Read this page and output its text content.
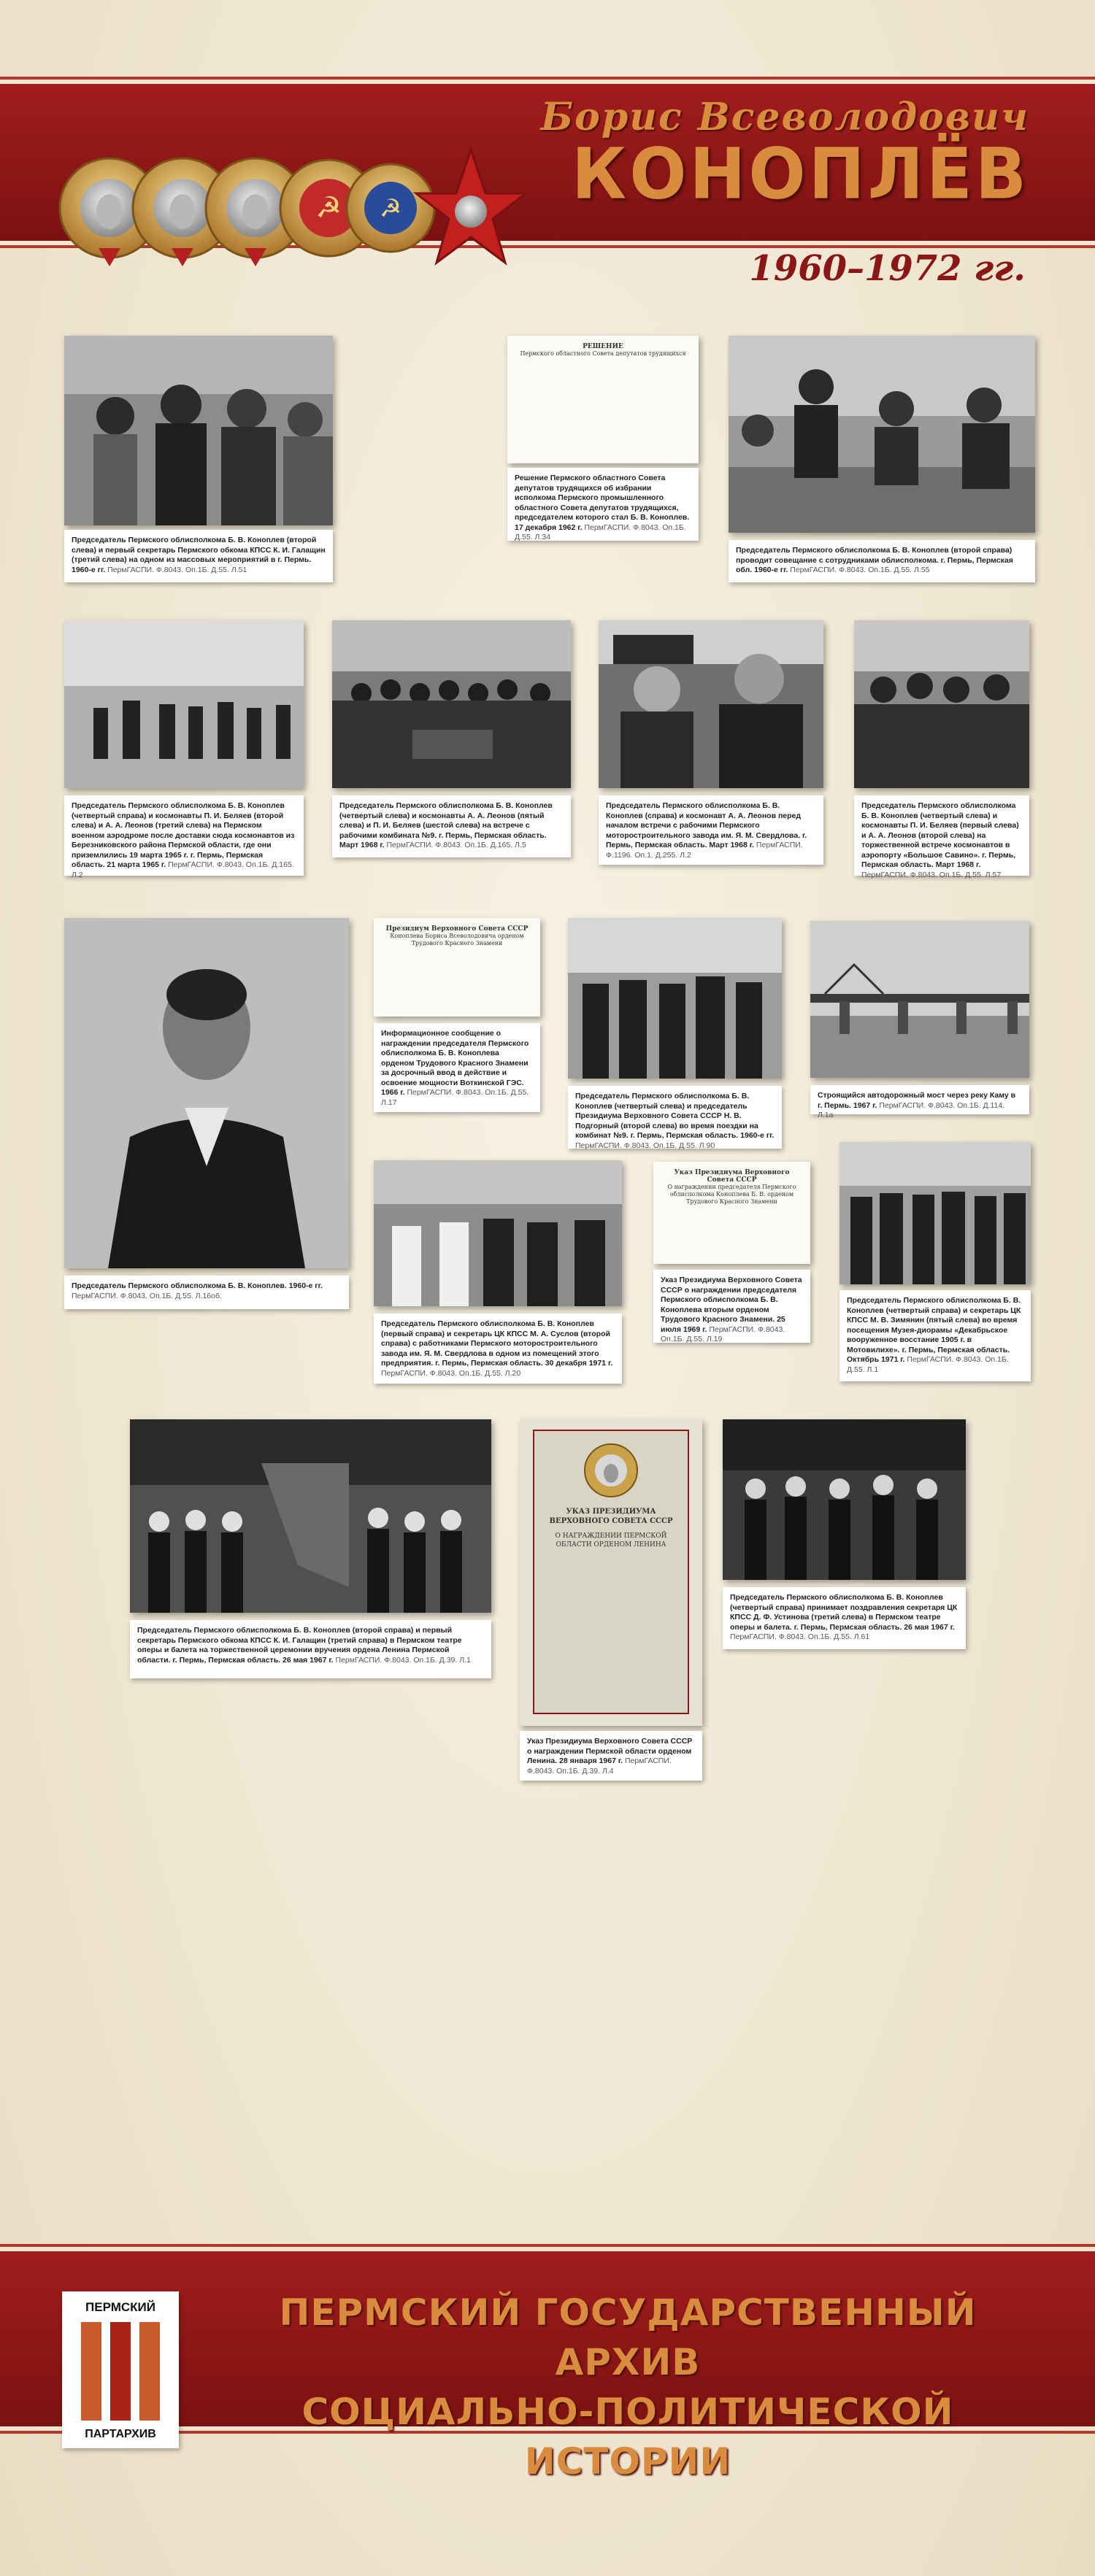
☭ ☭
Борис Всеволодович
КОНОПЛЁВ
1960–1972 гг.
Председатель Пермского облисполкома Б. В. Коноплев (второй слева) и первый секретарь Пермского обкома КПСС К. И. Галащин (третий слева) на одном из массовых мероприятий в г. Пермь. 1960-е гг. ПермГАСПИ. Ф.8043. Оп.1Б. Д.55. Л.51
РЕШЕНИЕ
Пермского областного Совета депутатов трудящихся
Решение Пермского областного Совета депутатов трудящихся об избрании исполкома Пермского промышленного областного Совета депутатов трудящихся, председателем которого стал Б. В. Коноплев. 17 декабря 1962 г. ПермГАСПИ. Ф.8043. Оп.1Б. Д.55. Л.34
Председатель Пермского облисполкома Б. В. Коноплев (второй справа) проводит совещание с сотрудниками облисполкома. г. Пермь, Пермская обл. 1960-е гг. ПермГАСПИ. Ф.8043. Оп.1Б. Д.55. Л.55
Председатель Пермского облисполкома Б. В. Коноплев (четвертый справа) и космонавты П. И. Беляев (второй слева) и А. А. Леонов (третий слева) на Пермском военном аэродроме после доставки сюда космонавтов из Березниковского района Пермской области, где они приземлились 19 марта 1965 г. г. Пермь, Пермская область. 21 марта 1965 г. ПермГАСПИ. Ф.8043. Оп.1Б. Д.165. Л.2
Председатель Пермского облисполкома Б. В. Коноплев (четвертый слева) и космонавты А. А. Леонов (пятый слева) и П. И. Беляев (шестой слева) на встрече с рабочими комбината №9. г. Пермь, Пермская область. Март 1968 г. ПермГАСПИ. Ф.8043. Оп.1Б. Д.165. Л.5
Председатель Пермского облисполкома Б. В. Коноплев (справа) и космонавт А. А. Леонов перед началом встречи с рабочими Пермского моторостроительного завода им. Я. М. Свердлова. г. Пермь, Пермская область. Март 1968 г. ПермГАСПИ. Ф.1196. Оп.1. Д.255. Л.2
Председатель Пермского облисполкома Б. В. Коноплев (четвертый слева) и космонавты П. И. Беляев (первый слева) и А. А. Леонов (второй слева) на торжественной встрече космонавтов в аэропорту «Большое Савино». г. Пермь, Пермская область. Март 1968 г. ПермГАСПИ. Ф.8043. Оп.1Б. Д.55. Л.57
Председатель Пермского облисполкома Б. В. Коноплев. 1960-е гг. ПермГАСПИ. Ф.8043. Оп.1Б. Д.55. Л.16об.
Президиум Верховного Совета СССР
Коноплева Бориса Всеволодовича орденом Трудового Красного Знамени
Информационное сообщение о награждении председателя Пермского облисполкома Б. В. Коноплева орденом Трудового Красного Знамени за досрочный ввод в действие и освоение мощности Воткинской ГЭС. 1966 г. ПермГАСПИ. Ф.8043. Оп.1Б. Д.55. Л.17
Председатель Пермского облисполкома Б. В. Коноплев (четвертый слева) и председатель Президиума Верховного Совета СССР Н. В. Подгорный (второй слева) во время поездки на комбинат №9. г. Пермь, Пермская область. 1960-е гг. ПермГАСПИ. Ф.8043. Оп.1Б. Д.55. Л.90
Строящийся автодорожный мост через реку Каму в г. Пермь. 1967 г. ПермГАСПИ. Ф.8043. Оп.1Б. Д.114. Л.1а
Председатель Пермского облисполкома Б. В. Коноплев (первый справа) и секретарь ЦК КПСС М. А. Суслов (второй справа) с работниками Пермского моторостроительного завода им. Я. М. Свердлова в одном из помещений этого предприятия. г. Пермь, Пермская область. 30 декабря 1971 г. ПермГАСПИ. Ф.8043. Оп.1Б. Д.55. Л.20
Указ Президиума Верховного Совета СССР
О награждении председателя Пермского облисполкома Коноплева Б. В. орденом Трудового Красного Знамени
Указ Президиума Верховного Совета СССР о награждении председателя Пермского облисполкома Б. В. Коноплева вторым орденом Трудового Красного Знамени. 25 июля 1969 г. ПермГАСПИ. Ф.8043. Оп.1Б. Д.55. Л.19
Председатель Пермского облисполкома Б. В. Коноплев (четвертый справа) и секретарь ЦК КПСС М. В. Зимянин (пятый слева) во время посещения Музея-диорамы «Декабрьское вооруженное восстание 1905 г. в Мотовилихе». г. Пермь, Пермская область. Октябрь 1971 г. ПермГАСПИ. Ф.8043. Оп.1Б. Д.55. Л.1
Председатель Пермского облисполкома Б. В. Коноплев (второй справа) и первый секретарь Пермского обкома КПСС К. И. Галащин (третий справа) в Пермском театре оперы и балета на торжественной церемонии вручения ордена Ленина Пермской области. г. Пермь, Пермская область. 26 мая 1967 г. ПермГАСПИ. Ф.8043. Оп.1Б. Д.39. Л.1
УКАЗ ПРЕЗИДИУМА ВЕРХОВНОГО СОВЕТА СССР
О НАГРАЖДЕНИИ ПЕРМСКОЙ ОБЛАСТИ ОРДЕНОМ ЛЕНИНА
Указ Президиума Верховного Совета СССР о награждении Пермской области орденом Ленина. 28 января 1967 г. ПермГАСПИ. Ф.8043. Оп.1Б. Д.39. Л.4
Председатель Пермского облисполкома Б. В. Коноплев (четвертый справа) принимает поздравления секретаря ЦК КПСС Д. Ф. Устинова (третий слева) в Пермском театре оперы и балета. г. Пермь, Пермская область. 26 мая 1967 г. ПермГАСПИ. Ф.8043. Оп.1Б. Д.55. Л.61
ПЕРМСКИЙ
ПАРТАРХИВ
ПЕРМСКИЙ ГОСУДАРСТВЕННЫЙ АРХИВ
СОЦИАЛЬНО-ПОЛИТИЧЕСКОЙ ИСТОРИИ
